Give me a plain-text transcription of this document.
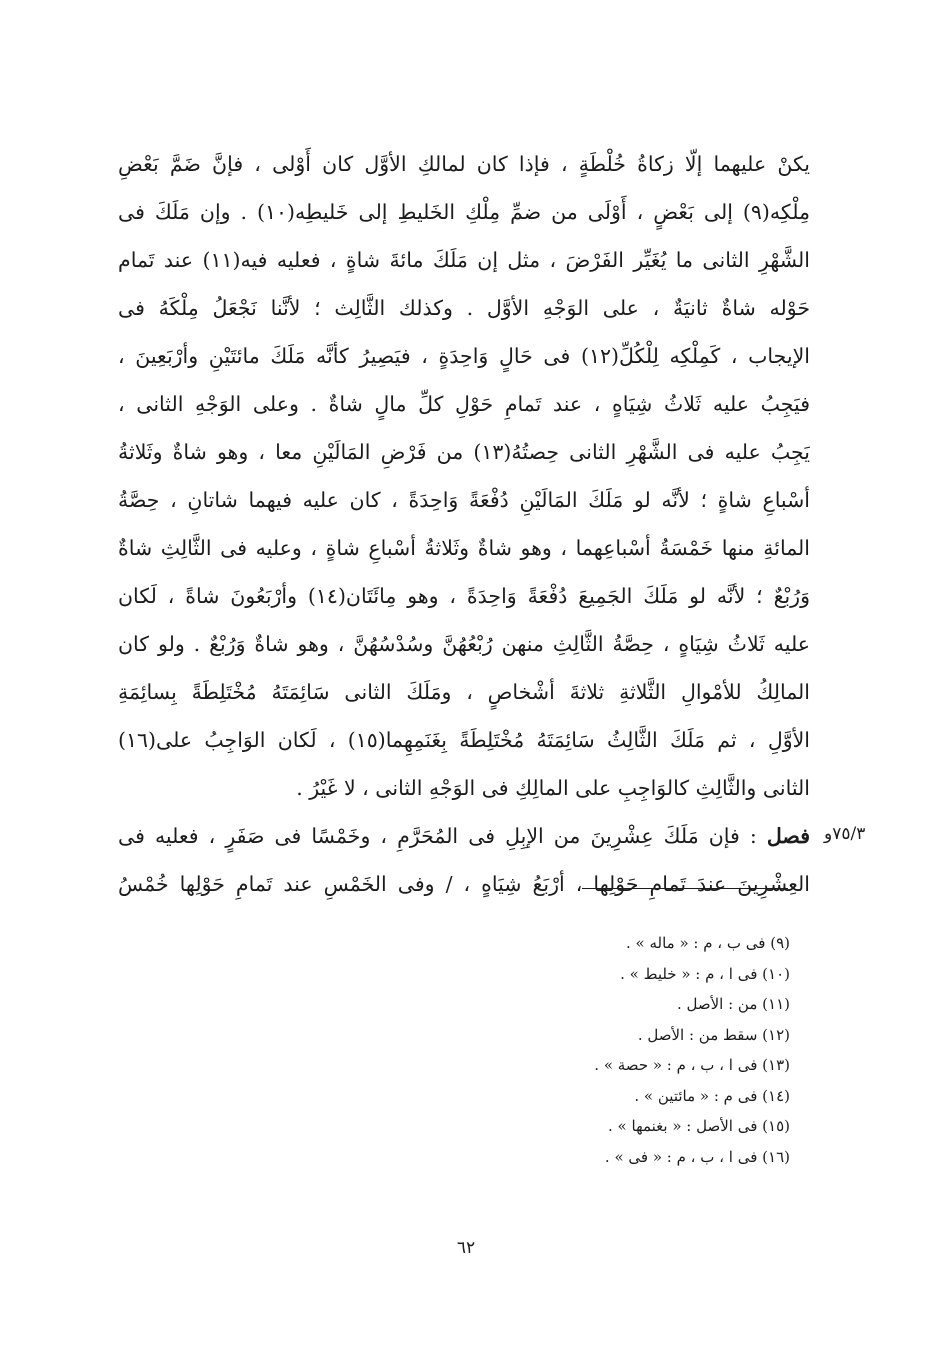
يكنْ عليهما إلّا زكاةُ خُلْطَةٍ ، فإذا كان لمالكِ الأوَّل كان أَوْلى ، فإنَّ ضَمَّ بَعْضِ
مِلْكِه(٩) إلى بَعْضٍ ، أَوْلَى من ضمِّ مِلْكِ الخَليطِ إلى خَليطِه(١٠) . وإن مَلَكَ فى
الشَّهْرِ الثانى ما يُغَيِّر الفَرْضَ ، مثل إن مَلَكَ مائةَ شاةٍ ، فعليه فيه(١١) عند تَمام
حَوْله شاةٌ ثانيَةٌ ، على الوَجْهِ الأوَّل . وكذلك الثَّالِث ؛ لأنَّنا نَجْعَلُ مِلْكَهُ فى
الإيجاب ، كَمِلْكِه لِلْكُلِّ(١٢) فى حَالٍ وَاحِدَةٍ ، فيَصِيرُ كأنَّه مَلَكَ مائتَيْنِ وأرْبَعِينَ ،
فيَجِبُ عليه ثَلاثُ شِيَاهٍ ، عند تَمامِ حَوْلِ كلِّ مالٍ شاةٌ . وعلى الوَجْهِ الثانى ،
يَجِبُ عليه فى الشَّهْرِ الثانى حِصتُهُ(١٣) من فَرْضِ المَالَيْنِ معا ، وهو شاةٌ وثَلاثةُ
أسْباعِ شاةٍ ؛ لأنَّه لو مَلَكَ المَالَيْنِ دُفْعَةً وَاحِدَةً ، كان عليه فيهما شاتانِ ، حِصَّةُ
المائةِ منها خَمْسَةُ أسْباعِهما ، وهو شاةٌ وثَلاثةُ أسْباعِ شاةٍ ، وعليه فى الثَّالِثِ شاةٌ
وَرُبْعٌ ؛ لأنَّه لو مَلَكَ الجَمِيعَ دُفْعَةً وَاحِدَةً ، وهو مِائَتَان(١٤) وأرْبَعُونَ شاةً ، لَكان
عليه ثَلاثُ شِيَاهٍ ، حِصَّةُ الثَّالِثِ منهن رُبْعُهُنَّ وسُدْسُهُنَّ ، وهو شاةٌ وَرُبْعٌ . ولو كان
المالِكُ للأمْوالِ الثَّلاثةِ ثلاثةَ أشْخاصٍ ، ومَلَكَ الثانى سَائِمَتَهُ مُخْتَلِطَةً بِسائِمَةِ
الأوَّلِ ، ثم مَلَكَ الثَّالِثُ سَائِمَتَهُ مُخْتَلِطَةً بِغَنَمِهِما(١٥) ، لَكان الوَاجِبُ على(١٦)
الثانى والثَّالِثِ كالوَاجِبِ على المالِكِ فى الوَجْهِ الثانى ، لا غَيْرُ .
فصل : فإن مَلَكَ عِشْرِينَ من الإبِلِ فى المُحَرَّمِ ، وخَمْسًا فى صَفَرٍ ، فعليه فى
العِشْرِينَ عندَ تَمامِ حَوْلِها ، أرْبَعُ شِيَاهٍ ، / وفى الخَمْسِ عند تَمامِ حَوْلِها خُمْسُ
٧٥/٣و
(٩) فى ب ، م : « ماله » .
(١٠) فى ا ، م : « خليط » .
(١١) من : الأصل .
(١٢) سقط من : الأصل .
(١٣) فى ا ، ب ، م : « حصة » .
(١٤) فى م : « مائتين » .
(١٥) فى الأصل : « بغنمها » .
(١٦) فى ا ، ب ، م : « فى » .
٦٢
